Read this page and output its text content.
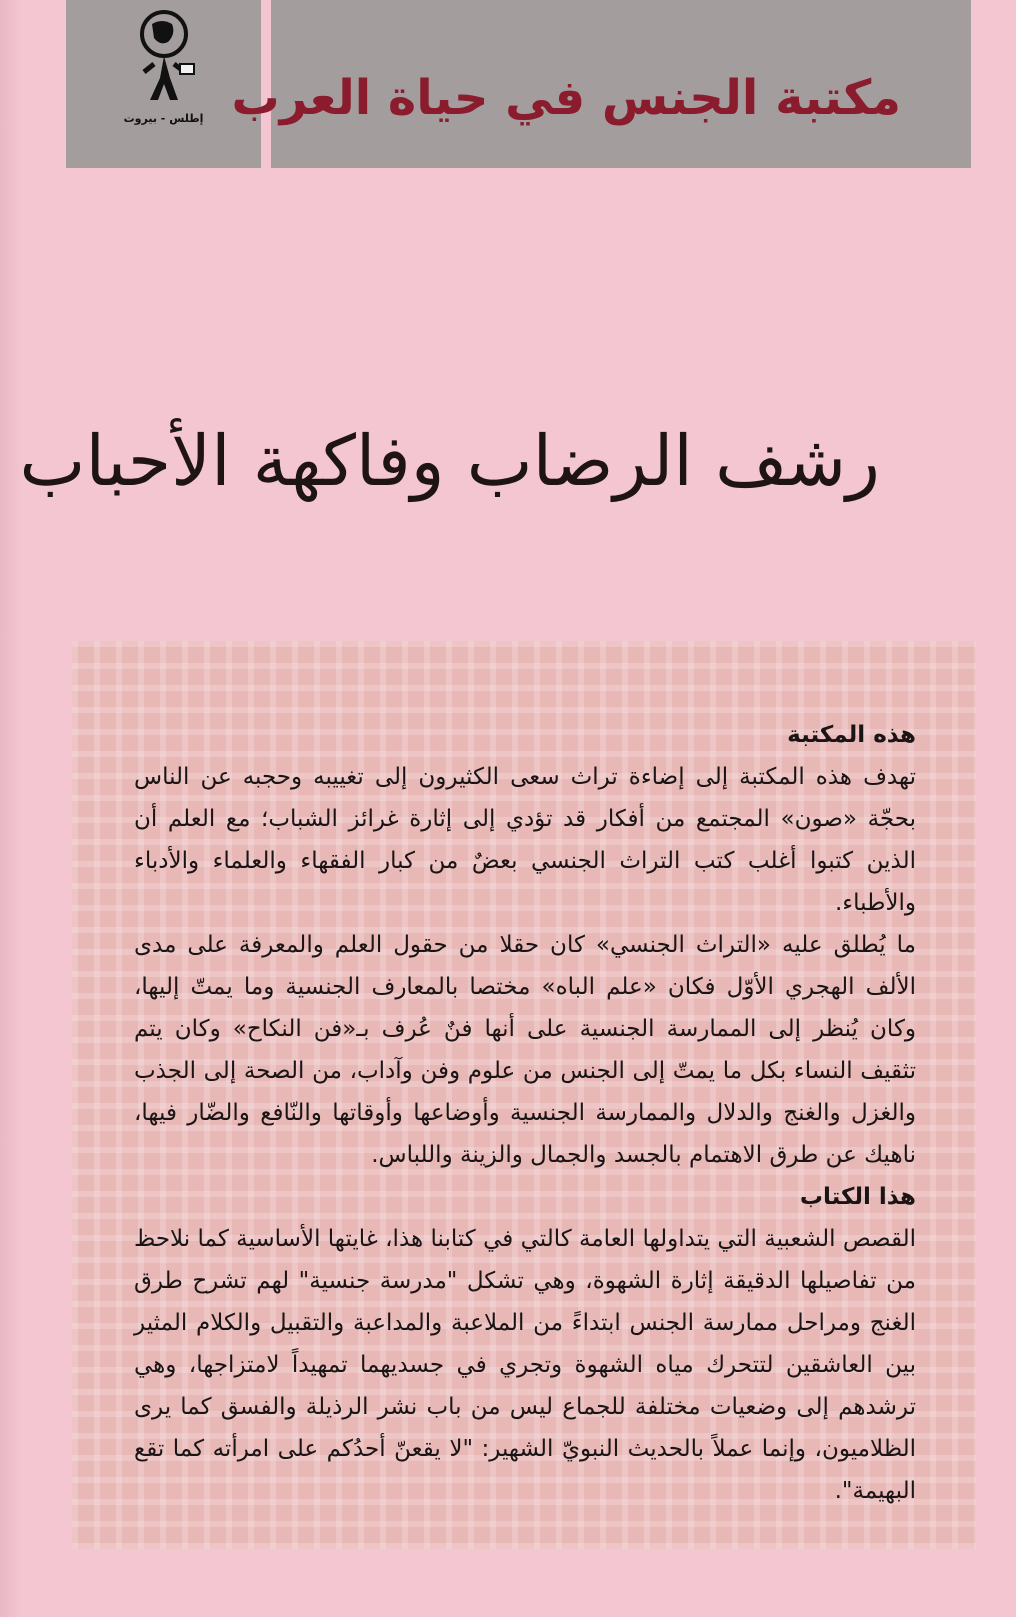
إطلس - بيروت مكتبة الجنس في حياة العرب
رشف الرضاب وفاكهة الأحباب

هذه المكتبة

تهدف هذه المكتبة إلى إضاءة تراث سعى الكثيرون إلى تغييبه وحجبه عن الناس بحجّة «صون» المجتمع من أفكار قد تؤدي إلى إثارة غرائز الشباب؛ مع العلم أن الذين كتبوا أغلب كتب التراث الجنسي بعضٌ من كبار الفقهاء والعلماء والأدباء والأطباء.

ما يُطلق عليه «التراث الجنسي» كان حقلا من حقول العلم والمعرفة على مدى الألف الهجري الأوّل فكان «علم الباه» مختصا بالمعارف الجنسية وما يمتّ إليها، وكان يُنظر إلى الممارسة الجنسية على أنها فنٌ عُرف بـ«فن النكاح» وكان يتم تثقيف النساء بكل ما يمتّ إلى الجنس من علوم وفن وآداب، من الصحة إلى الجذب والغزل والغنج والدلال والممارسة الجنسية وأوضاعها وأوقاتها والنّافع والضّار فيها، ناهيك عن طرق الاهتمام بالجسد والجمال والزينة واللباس.

هذا الكتاب

القصص الشعبية التي يتداولها العامة كالتي في كتابنا هذا، غايتها الأساسية كما نلاحظ من تفاصيلها الدقيقة إثارة الشهوة، وهي تشكل "مدرسة جنسية" لهم تشرح طرق الغنج ومراحل ممارسة الجنس ابتداءً من الملاعبة والمداعبة والتقبيل والكلام المثير بين العاشقين لتتحرك مياه الشهوة وتجري في جسديهما تمهيداً لامتزاجها، وهي ترشدهم إلى وضعيات مختلفة للجماع ليس من باب نشر الرذيلة والفسق كما يرى الظلاميون، وإنما عملاً بالحديث النبويّ الشهير: "لا يقعنّ أحدُكم على امرأته كما تقع البهيمة".
